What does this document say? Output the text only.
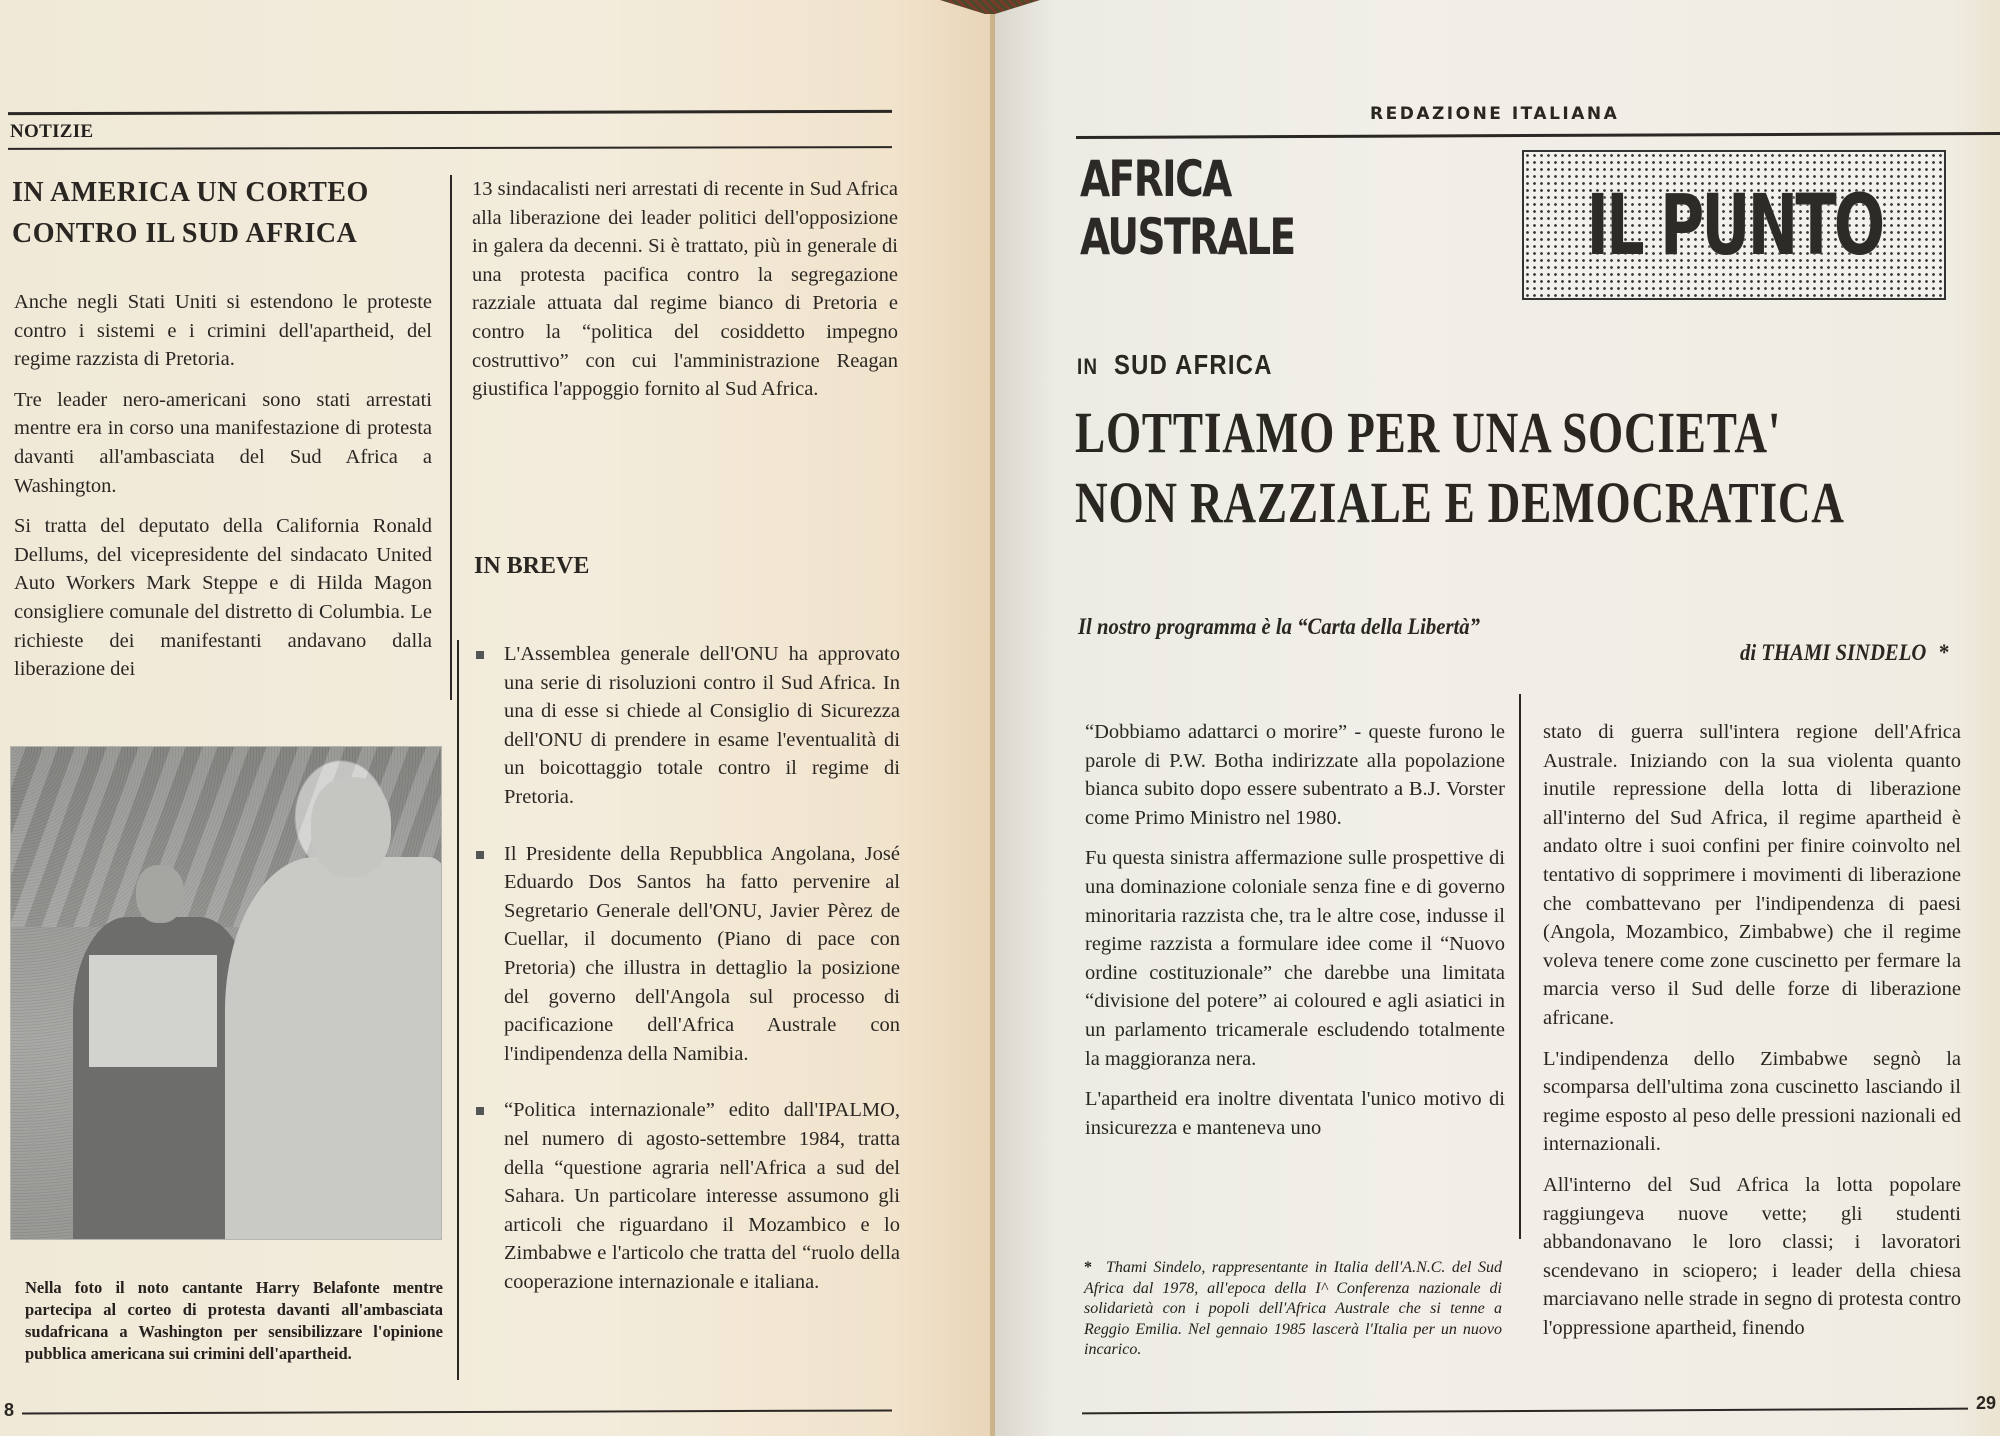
NOTIZIE
IN AMERICA UN CORTEO
CONTRO IL SUD AFRICA

Anche negli Stati Uniti si estendono le proteste contro i sistemi e i crimini dell'apartheid, del regime razzista di Pretoria.

Tre leader nero-americani sono stati arrestati mentre era in corso una manifestazione di protesta davanti all'ambasciata del Sud Africa a Washington.

Si tratta del deputato della California Ronald Dellums, del vicepresidente del sindacato United Auto Workers Mark Steppe e di Hilda Magon consigliere comunale del distretto di Columbia. Le richieste dei manifestanti andavano dalla liberazione dei

Nella foto il noto cantante Harry Belafonte mentre partecipa al corteo di protesta davanti all'ambasciata sudafricana a Washington per sensibilizzare l'opinione pubblica americana sui crimini dell'apartheid.
8

13 sindacalisti neri arrestati di recente in Sud Africa alla liberazione dei leader politici dell'opposizione in galera da decenni. Si è trattato, più in generale di una protesta pacifica contro la segregazione razziale attuata dal regime bianco di Pretoria e contro la “politica del cosiddetto impegno costruttivo” con cui l'amministrazione Reagan giustifica l'appoggio fornito al Sud Africa.

IN BREVE
L'Assemblea generale dell'ONU ha approvato una serie di risoluzioni contro il Sud Africa. In una di esse si chiede al Consiglio di Sicurezza dell'ONU di prendere in esame l'eventualità di un boicottaggio totale contro il regime di Pretoria.
Il Presidente della Repubblica Angolana, José Eduardo Dos Santos ha fatto pervenire al Segretario Generale dell'ONU, Javier Pèrez de Cuellar, il documento (Piano di pace con Pretoria) che illustra in dettaglio la posizione del governo dell'Angola sul processo di pacificazione dell'Africa Australe con l'indipendenza della Namibia.
“Politica internazionale” edito dall'IPALMO, nel numero di agosto-settembre 1984, tratta della “questione agraria nell'Africa a sud del Sahara. Un particolare interesse assumono gli articoli che riguardano il Mozambico e lo Zimbabwe e l'articolo che tratta del “ruolo della cooperazione internazionale e italiana.
REDAZIONE ITALIANA
AFRICA
AUSTRALE	IL PUNTO
IN SUD AFRICA
LOTTIAMO PER UNA SOCIETA'
NON RAZZIALE E DEMOCRATICA
Il nostro programma è la “Carta della Libertà”
di THAMI SINDELO *

“Dobbiamo adattarci o morire” - queste furono le parole di P.W. Botha indirizzate alla popolazione bianca subito dopo essere subentrato a B.J. Vorster come Primo Ministro nel 1980.

Fu questa sinistra affermazione sulle prospettive di una dominazione coloniale senza fine e di governo minoritaria razzista che, tra le altre cose, indusse il regime razzista a formulare idee come il “Nuovo ordine costituzionale” che darebbe una limitata “divisione del potere” ai coloured e agli asiatici in un parlamento tricamerale escludendo totalmente la maggioranza nera.

L'apartheid era inoltre diventata l'unico motivo di insicurezza e manteneva uno

* Thami Sindelo, rappresentante in Italia dell'A.N.C. del Sud Africa dal 1978, all'epoca della I^ Conferenza nazionale di solidarietà con i popoli dell'Africa Australe che si tenne a Reggio Emilia. Nel gennaio 1985 lascerà l'Italia per un nuovo incarico.

stato di guerra sull'intera regione dell'Africa Australe. Iniziando con la sua violenta quanto inutile repressione della lotta di liberazione all'interno del Sud Africa, il regime apartheid è andato oltre i suoi confini per finire coinvolto nel tentativo di sopprimere i movimenti di liberazione che combattevano per l'indipendenza di paesi (Angola, Mozambico, Zimbabwe) che il regime voleva tenere come zone cuscinetto per fermare la marcia verso il Sud delle forze di liberazione africane.

L'indipendenza dello Zimbabwe segnò la scomparsa dell'ultima zona cuscinetto lasciando il regime esposto al peso delle pressioni nazionali ed internazionali.

All'interno del Sud Africa la lotta popolare raggiungeva nuove vette; gli studenti abbandonavano le loro classi; i lavoratori scendevano in sciopero; i leader della chiesa marciavano nelle strade in segno di protesta contro l'oppressione apartheid, finendo

29
